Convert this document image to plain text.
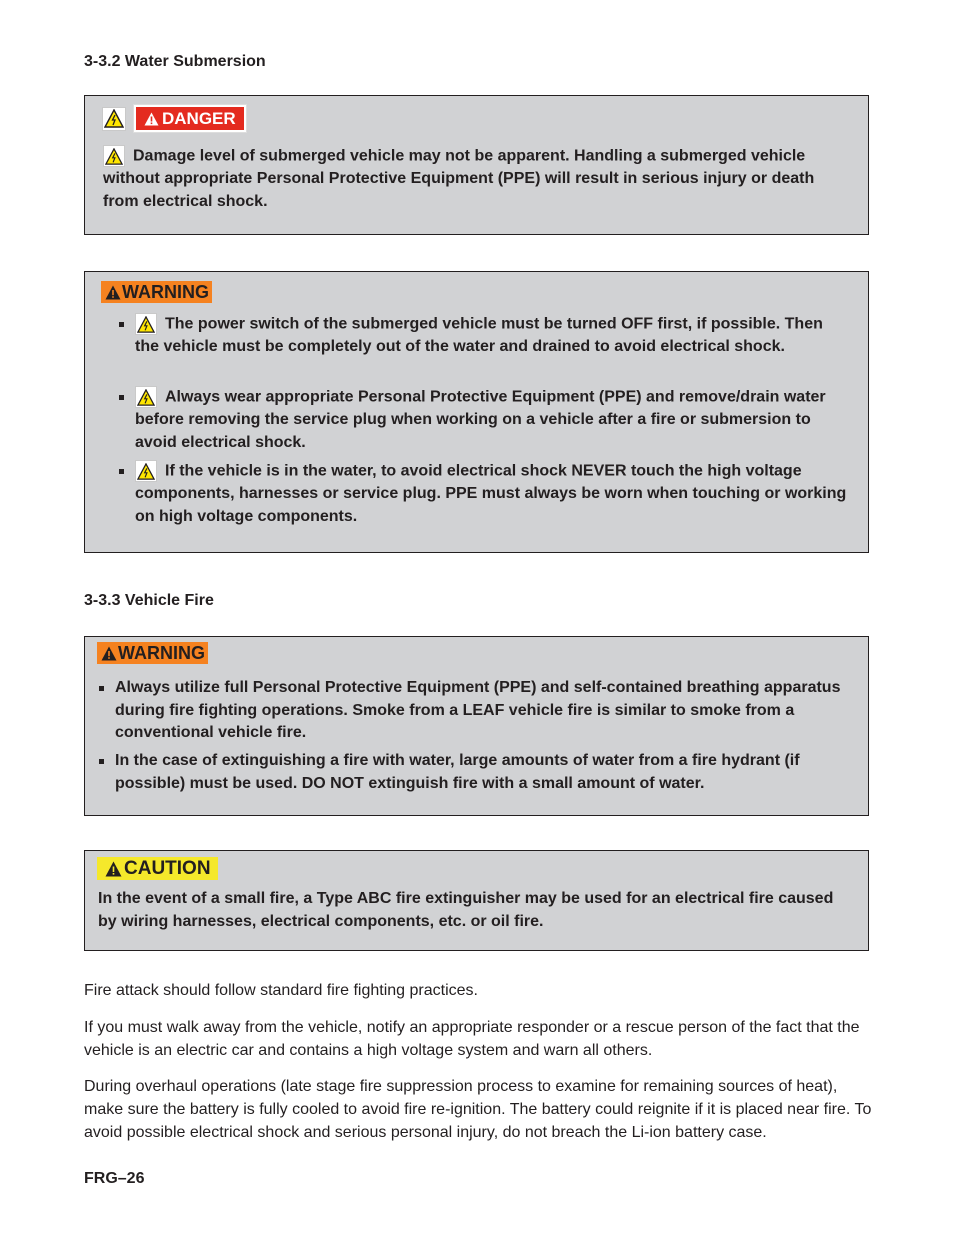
3-3.2 Water Submersion
DANGER
Damage level of submerged vehicle may not be apparent. Handling a submerged vehicle without appropriate Personal Protective Equipment (PPE) will result in serious injury or death from electrical shock.
WARNING
The power switch of the submerged vehicle must be turned OFF first, if possible. Then the vehicle must be completely out of the water and drained to avoid electrical shock.
Always wear appropriate Personal Protective Equipment (PPE) and remove/drain water before removing the service plug when working on a vehicle after a fire or submersion to avoid electrical shock.
If the vehicle is in the water, to avoid electrical shock NEVER touch the high voltage components, harnesses or service plug. PPE must always be worn when touching or working on high voltage components.
3-3.3 Vehicle Fire
WARNING
Always utilize full Personal Protective Equipment (PPE) and self-contained breathing apparatus during fire fighting operations. Smoke from a LEAF vehicle fire is similar to smoke from a conventional vehicle fire.
In the case of extinguishing a fire with water, large amounts of water from a fire hydrant (if possible) must be used. DO NOT extinguish fire with a small amount of water.
CAUTION
In the event of a small fire, a Type ABC fire extinguisher may be used for an electrical fire caused by wiring harnesses, electrical components, etc. or oil fire.
Fire attack should follow standard fire fighting practices.
If you must walk away from the vehicle, notify an appropriate responder or a rescue person of the fact that the vehicle is an electric car and contains a high voltage system and warn all others.
During overhaul operations (late stage fire suppression process to examine for remaining sources of heat), make sure the battery is fully cooled to avoid fire re-ignition. The battery could reignite if it is placed near fire. To avoid possible electrical shock and serious personal injury, do not breach the Li-ion battery case.
FRG–26
